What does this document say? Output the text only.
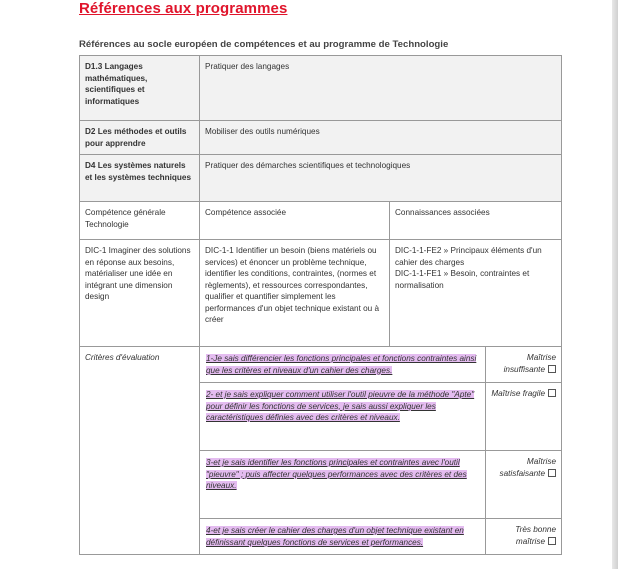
Références aux programmes
Références au socle européen de compétences et au programme de Technologie
D1.3 Langages mathématiques, scientifiques et informatiques	Pratiquer des langages		
D2 Les méthodes et outils pour apprendre	Mobiliser des outils numériques		
D4 Les systèmes naturels et les systèmes techniques	Pratiquer des démarches scientifiques et technologiques		
Compétence générale Technologie	Compétence associée	Connaissances associées	
DIC-1 Imaginer des solutions en réponse aux besoins, matérialiser une idée en intégrant une dimension design	DIC-1-1 Identifier un besoin (biens matériels ou services) et énoncer un problème technique, identifier les conditions, contraintes, (normes et règlements), et ressources correspondantes, qualifier et quantifier simplement les performances d'un objet technique existant ou à créer	DIC-1-1-FE2 » Principaux éléments d'un cahier des charges
DIC-1-1-FE1 » Besoin, contraintes et normalisation	

Critères d'évaluation	1-Je sais différencier les fonctions principales et fonctions contraintes ainsi que les critères et niveaux d'un cahier des charges.		Maîtrise insuffisante
	2- et je sais expliquer comment utiliser l'outil pieuvre de la méthode "Apte" pour définir les fonctions de services, je sais aussi expliquer les caractéristiques définies avec des critères et niveaux.		Maîtrise fragile
	3-et je sais identifier les fonctions principales et contraintes avec l'outil "pieuvre" ; puis affecter quelques performances avec des critères et des niveaux.		Maîtrise satisfaisante
	4-et je sais créer le cahier des charges d'un objet technique existant en définissant quelques fonctions de services et performances.		Très bonne maîtrise
